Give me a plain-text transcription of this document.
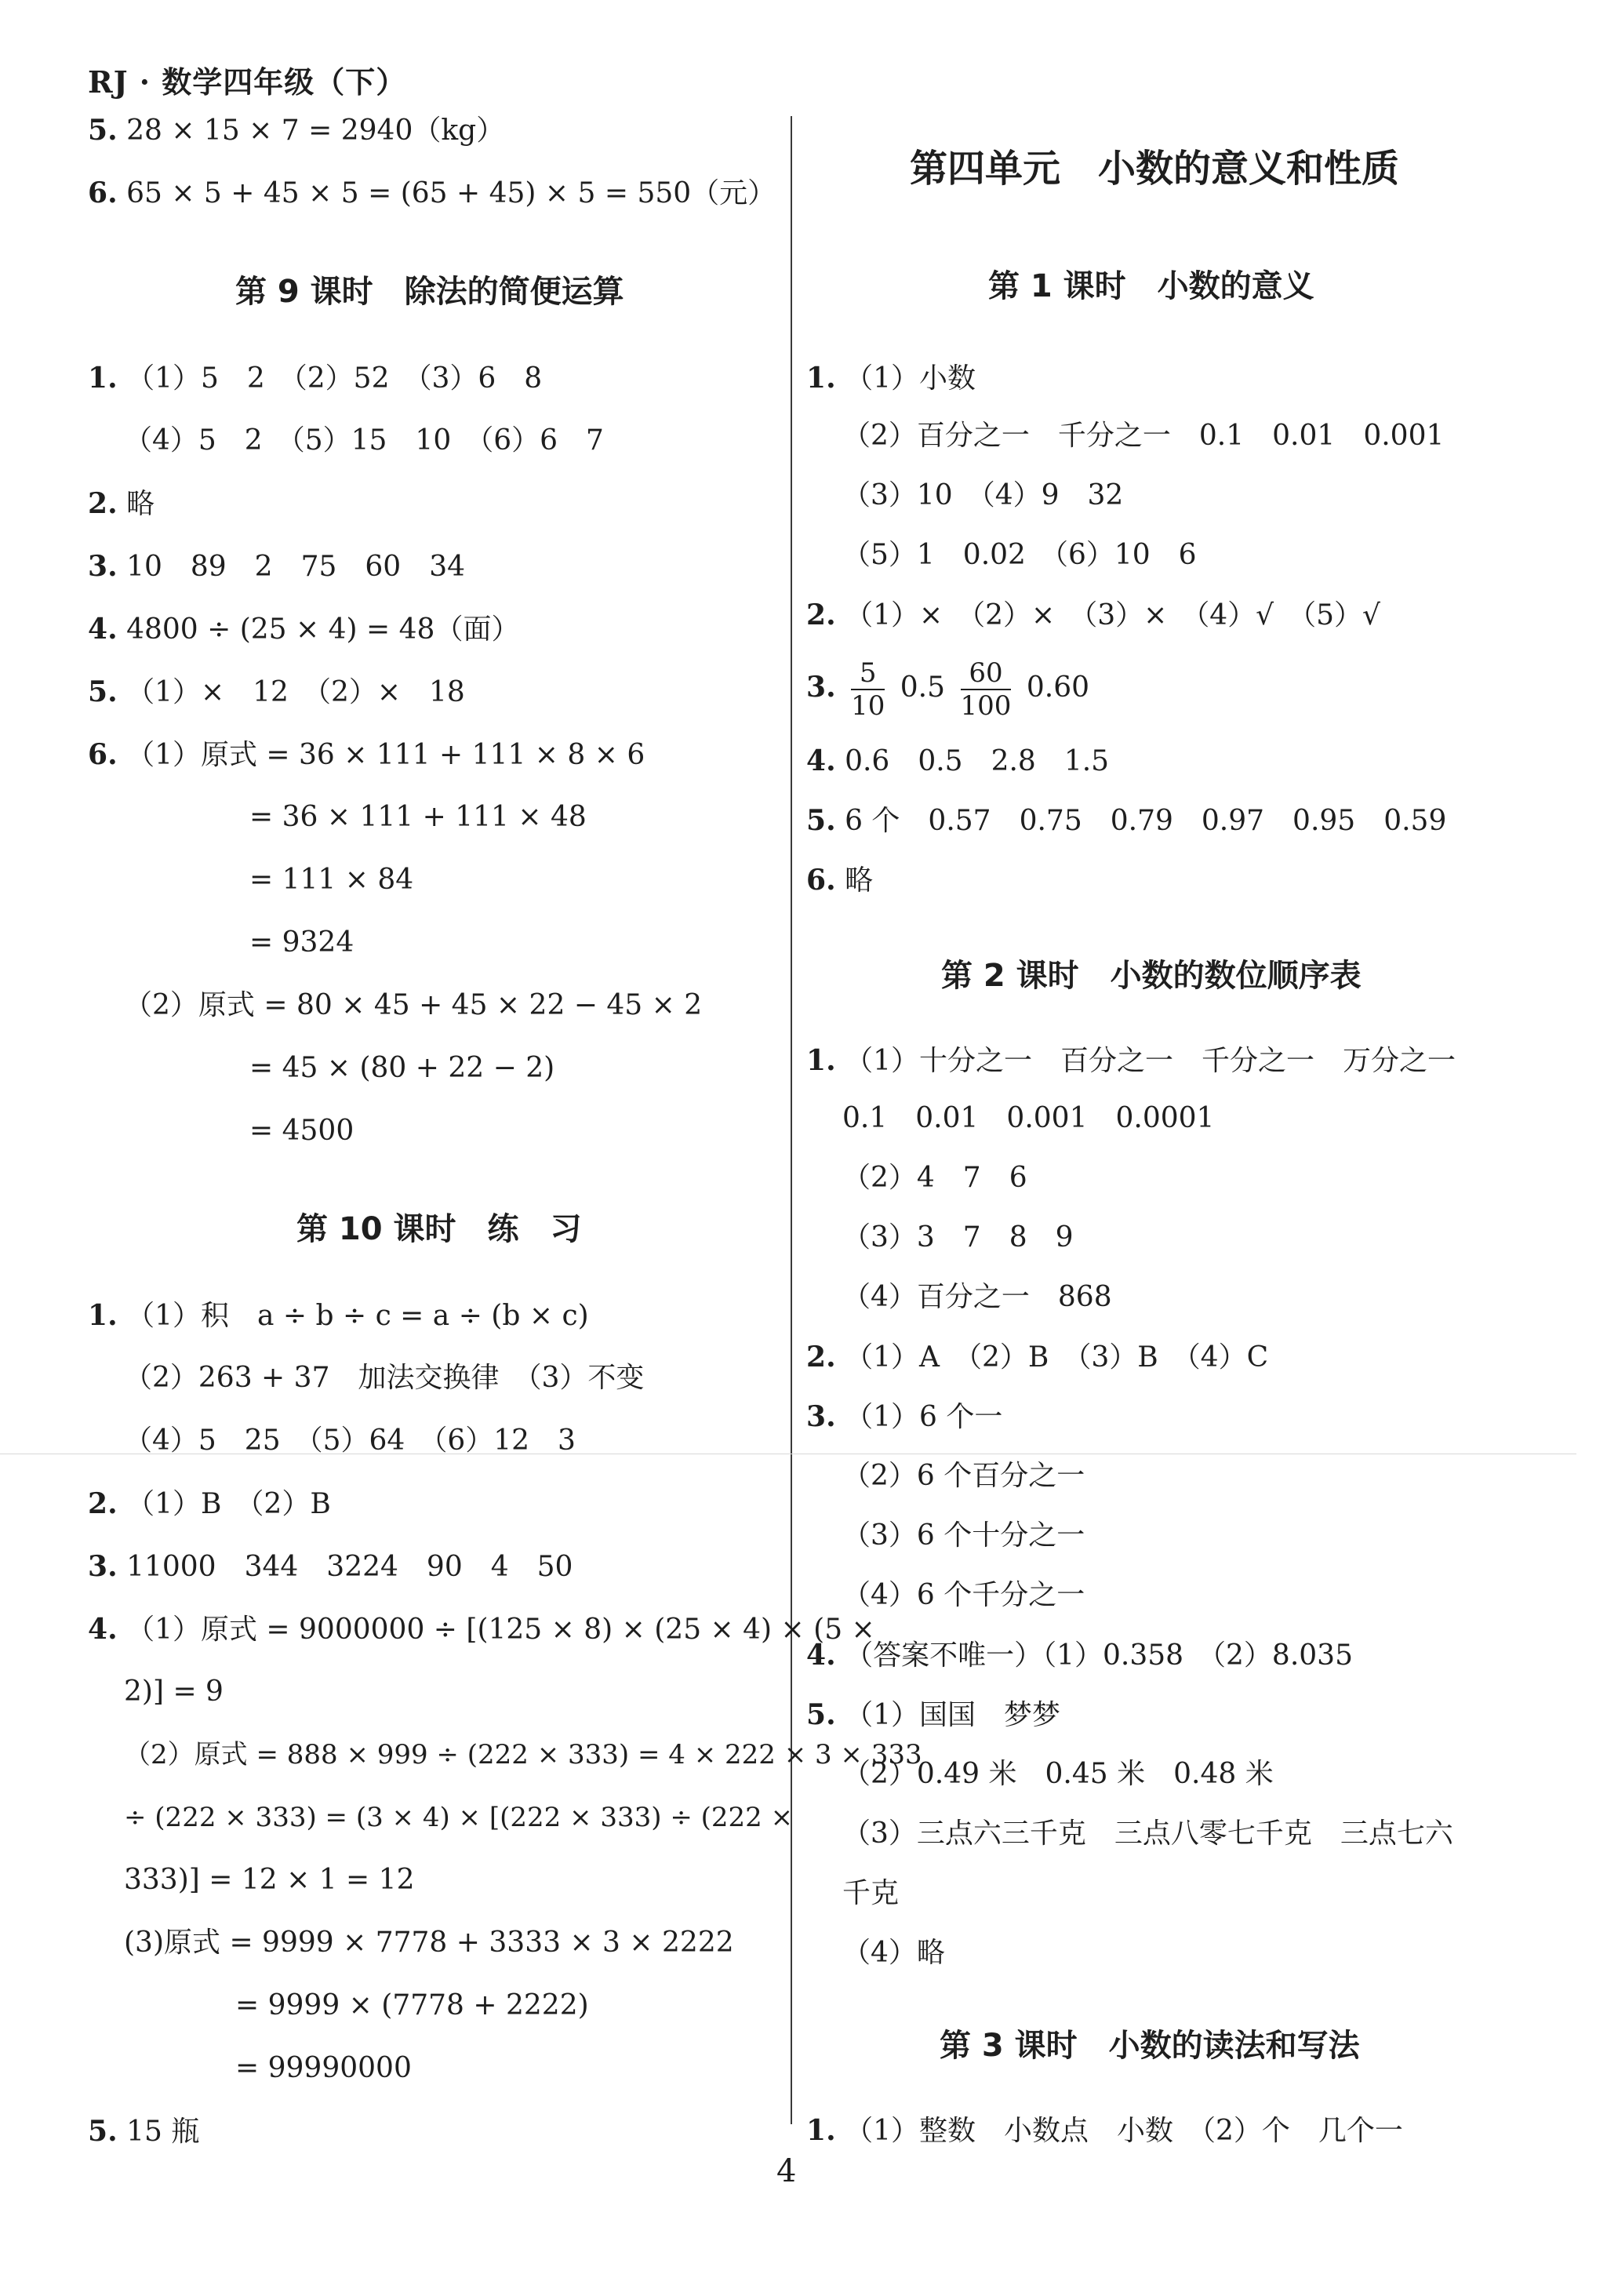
RJ · 数学四年级（下）
5. 28 × 15 × 7 = 2940（kg）
6. 65 × 5 + 45 × 5 = (65 + 45) × 5 = 550（元）
第 9 课时　除法的简便运算
1. （1）5　2　（2）52　（3）6　8
（4）5　2　（5）15　10　（6）6　7
2. 略
3. 10　89　2　75　60　34
4. 4800 ÷ (25 × 4) = 48（面）
5. （1）×　12　（2）×　18
6. （1）原式 = 36 × 111 + 111 × 8 × 6
= 36 × 111 + 111 × 48
= 111 × 84
= 9324
（2）原式 = 80 × 45 + 45 × 22 − 45 × 2
= 45 × (80 + 22 − 2)
= 4500
第 10 课时　练　习
1. （1）积　a ÷ b ÷ c = a ÷ (b × c)
（2）263 + 37　加法交换律　（3）不变
（4）5　25　（5）64　（6）12　3
2. （1）B　（2）B
3. 11000　344　3224　90　4　50
4. （1）原式 = 9000000 ÷ [(125 × 8) × (25 × 4) × (5 ×
2)] = 9
（2）原式 = 888 × 999 ÷ (222 × 333) = 4 × 222 × 3 × 333
÷ (222 × 333) = (3 × 4) × [(222 × 333) ÷ (222 ×
333)] = 12 × 1 = 12
(3)原式 = 9999 × 7778 + 3333 × 3 × 2222
= 9999 × (7778 + 2222)
= 99990000
5. 15 瓶
第四单元　小数的意义和性质
第 1 课时　小数的意义
1. （1）小数
（2）百分之一　千分之一　0.1　0.01　0.001
（3）10　（4）9　32
（5）1　0.02　（6）10　6
2. （1）×　（2）×　（3）×　（4）√　（5）√
3. $\frac{5}{10} 0.5 \frac{60}{100} 0.60$
4. 0.6　0.5　2.8　1.5
5. 6 个　0.57　0.75　0.79　0.97　0.95　0.59
6. 略
第 2 课时　小数的数位顺序表
1. （1）十分之一　百分之一　千分之一　万分之一
0.1　0.01　0.001　0.0001
（2）4　7　6
（3）3　7　8　9
（4）百分之一　868
2. （1）A　（2）B　（3）B　（4）C
3. （1）6 个一
（2）6 个百分之一
（3）6 个十分之一
（4）6 个千分之一
4. （答案不唯一）（1）0.358　（2）8.035
5. （1）国国　梦梦
（2）0.49 米　0.45 米　0.48 米
（3）三点六三千克　三点八零七千克　三点七六
千克
（4）略
第 3 课时　小数的读法和写法
1. （1）整数　小数点　小数　（2）个　几个一
4
